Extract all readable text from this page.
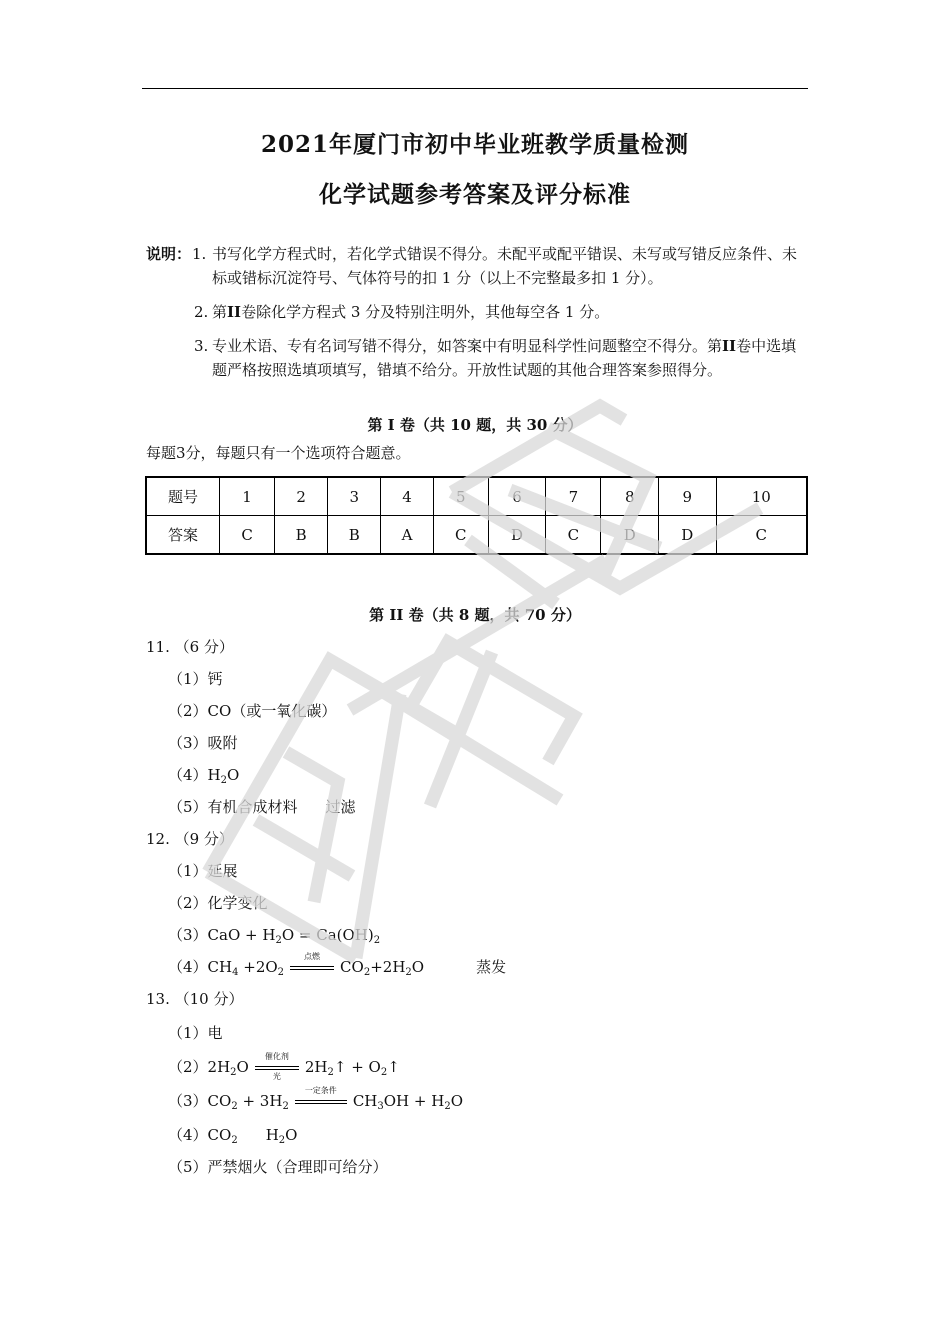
2021年厦门市初中毕业班教学质量检测
化学试题参考答案及评分标准
说明： 1. 书写化学方程式时，若化学式错误不得分。未配平或配平错误、未写或写错反应条件、未标或错标沉淀符号、气体符号的扣 1 分（以上不完整最多扣 1 分）。
2. 第II卷除化学方程式 3 分及特别注明外，其他每空各 1 分。
3. 专业术语、专有名词写错不得分，如答案中有明显科学性问题整空不得分。第II卷中选填题严格按照选填项填写，错填不给分。开放性试题的其他合理答案参照得分。
第 I 卷（共 10 题，共 30 分）
每题3分，每题只有一个选项符合题意。
题号	1	2	3	4	5	6	7	8	9	10
答案	C	B	B	A	C	D	C	D	D	C
第 II 卷（共 8 题，共 70 分）
11. （6 分）
（1）钙
（2）CO（或一氧化碳）
（3）吸附
$(4)H_2O$
（5）有机合成材料 过滤
12. （9 分）
（1）延展
（2）化学变化
$(3)CaO + H_2O = Ca(OH)_2$
$(4)CH_4 +2O_2$
点燃
$CO_2+2H_2O$	蒸发
13. （10 分）
（1）电
$(2)2H_2O$
催化剂
光
$2H_2↑$ + $O_2↑$
$(3)CO_2 + 3H_2$
一定条件
$CH_3OH + H_2O$
$(4)CO_2$ $H_2O$
（5）严禁烟火（合理即可给分）
